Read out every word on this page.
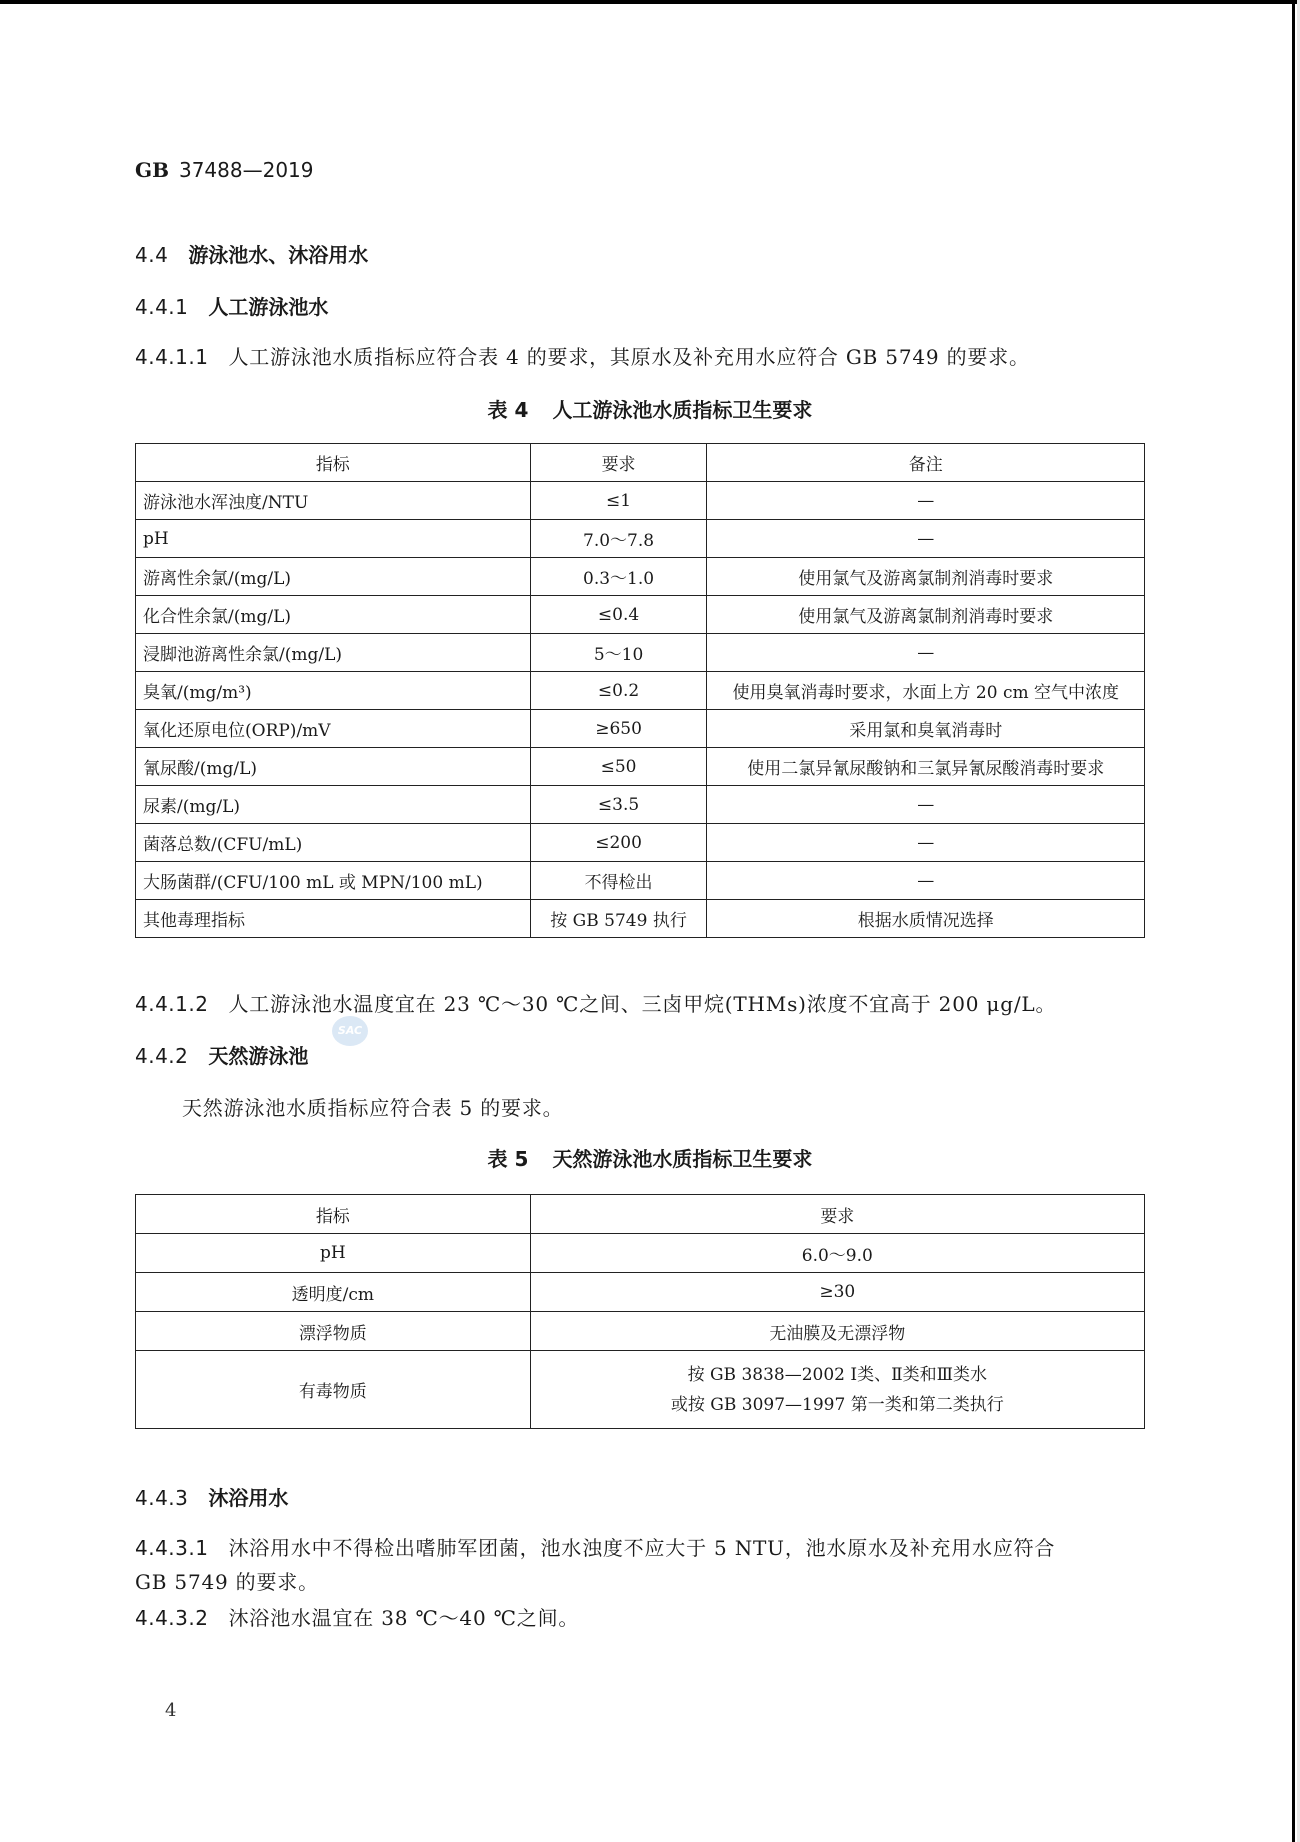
GB 37488—2019
4.4 游泳池水、沐浴用水
4.4.1 人工游泳池水
4.4.1.1 人工游泳池水质指标应符合表 4 的要求，其原水及补充用水应符合 GB 5749 的要求。
表 4 人工游泳池水质指标卫生要求
指标	要求	备注
游泳池水浑浊度/NTU	≤1	—
pH	7.0～7.8	—
游离性余氯/(mg/L)	0.3～1.0	使用氯气及游离氯制剂消毒时要求
化合性余氯/(mg/L)	≤0.4	使用氯气及游离氯制剂消毒时要求
浸脚池游离性余氯/(mg/L)	5～10	—
臭氧/(mg/m³)	≤0.2	使用臭氧消毒时要求，水面上方 20 cm 空气中浓度
氧化还原电位(ORP)/mV	≥650	采用氯和臭氧消毒时
氰尿酸/(mg/L)	≤50	使用二氯异氰尿酸钠和三氯异氰尿酸消毒时要求
尿素/(mg/L)	≤3.5	—
菌落总数/(CFU/mL)	≤200	—
大肠菌群/(CFU/100 mL 或 MPN/100 mL)	不得检出	—
其他毒理指标	按 GB 5749 执行	根据水质情况选择
4.4.1.2 人工游泳池水温度宜在 23 ℃～30 ℃之间、三卤甲烷(THMs)浓度不宜高于 200 μg/L。
SAC
4.4.2 天然游泳池
天然游泳池水质指标应符合表 5 的要求。
表 5 天然游泳池水质指标卫生要求
指标	要求
pH	6.0～9.0
透明度/cm	≥30
漂浮物质	无油膜及无漂浮物
有毒物质	按 GB 3838—2002 Ⅰ类、Ⅱ类和Ⅲ类水
或按 GB 3097—1997 第一类和第二类执行
4.4.3 沐浴用水
4.4.3.1 沐浴用水中不得检出嗜肺军团菌，池水浊度不应大于 5 NTU，池水原水及补充用水应符合
GB 5749 的要求。
4.4.3.2 沐浴池水温宜在 38 ℃～40 ℃之间。
4
